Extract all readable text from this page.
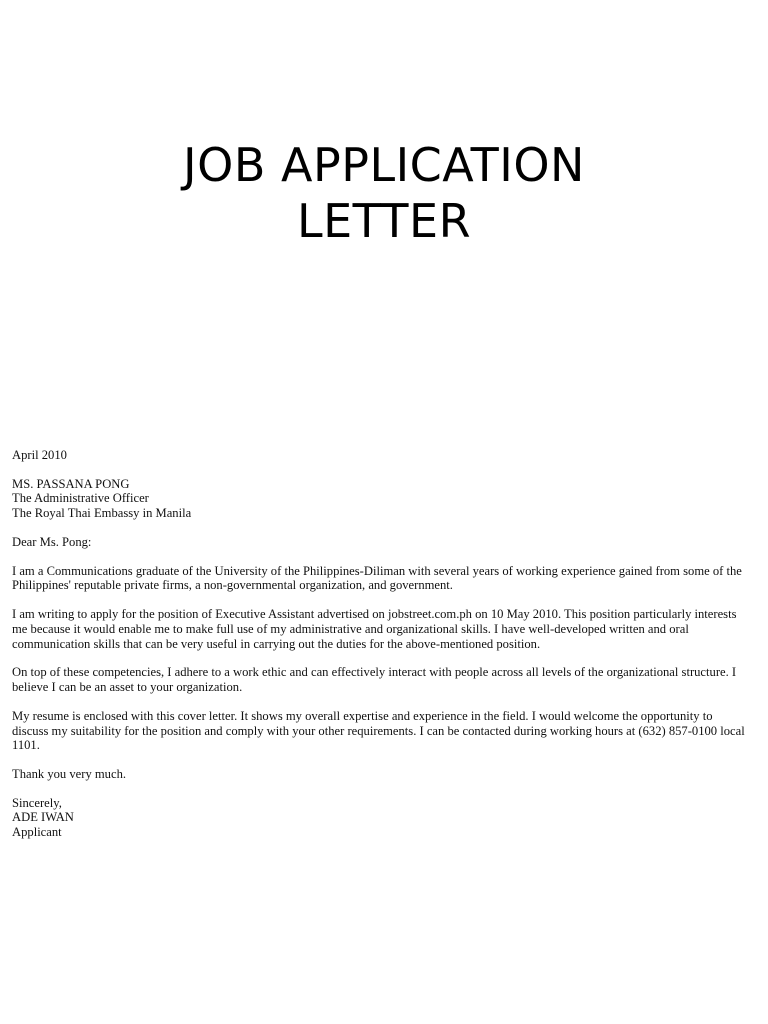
JOB APPLICATION
LETTER

April 2010

MS. PASSANA PONG

The Administrative Officer

The Royal Thai Embassy in Manila

Dear Ms. Pong:

I am a Communications graduate of the University of the Philippines-Diliman with several years of working experience gained from some of the Philippines' reputable private firms, a non-governmental organization, and government.

I am writing to apply for the position of Executive Assistant advertised on jobstreet.com.ph on 10 May 2010. This position particularly interests me because it would enable me to make full use of my administrative and organizational skills. I have well-developed written and oral communication skills that can be very useful in carrying out the duties for the above-mentioned position.

On top of these competencies, I adhere to a work ethic and can effectively interact with people across all levels of the organizational structure. I believe I can be an asset to your organization.

My resume is enclosed with this cover letter. It shows my overall expertise and experience in the field. I would welcome the opportunity to discuss my suitability for the position and comply with your other requirements. I can be contacted during working hours at (632) 857-0100 local 1101.

Thank you very much.

Sincerely,

ADE IWAN

Applicant
